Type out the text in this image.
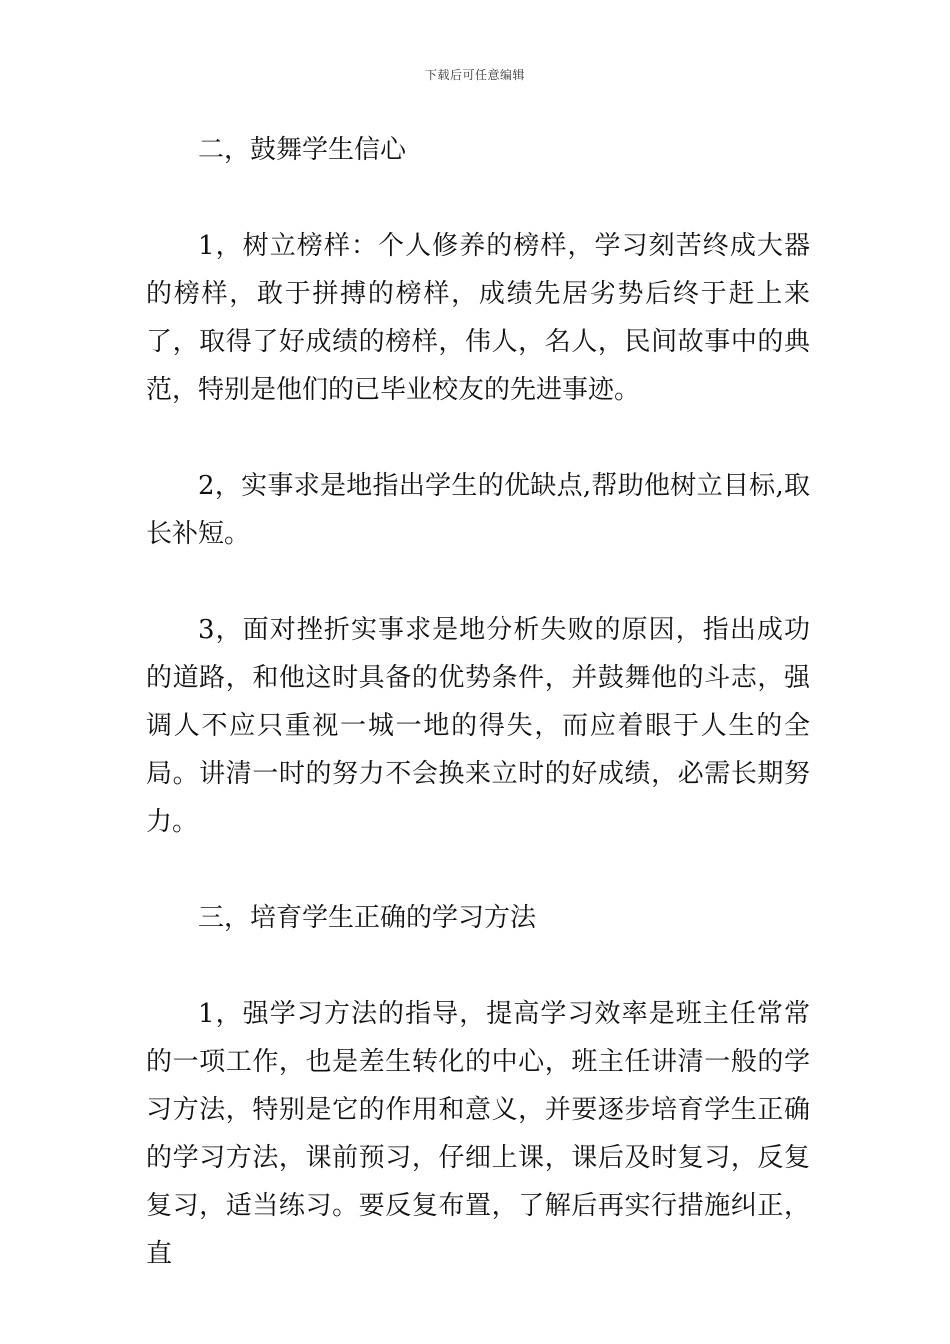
下载后可任意编辑

二，鼓舞学生信心

1，树立榜样：个人修养的榜样，学习刻苦终成大器的榜样，敢于拼搏的榜样，成绩先居劣势后终于赶上来了，取得了好成绩的榜样，伟人，名人，民间故事中的典范，特别是他们的已毕业校友的先进事迹。

2，实事求是地指出学生的优缺点,帮助他树立目标,取长补短。

3，面对挫折实事求是地分析失败的原因，指出成功的道路，和他这时具备的优势条件，并鼓舞他的斗志，强调人不应只重视一城一地的得失，而应着眼于人生的全局。讲清一时的努力不会换来立时的好成绩，必需长期努力。

三，培育学生正确的学习方法

1，强学习方法的指导，提高学习效率是班主任常常的一项工作，也是差生转化的中心，班主任讲清一般的学习方法，特别是它的作用和意义，并要逐步培育学生正确的学习方法，课前预习，仔细上课，课后及时复习，反复复习，适当练习。要反复布置，了解后再实行措施纠正，直
